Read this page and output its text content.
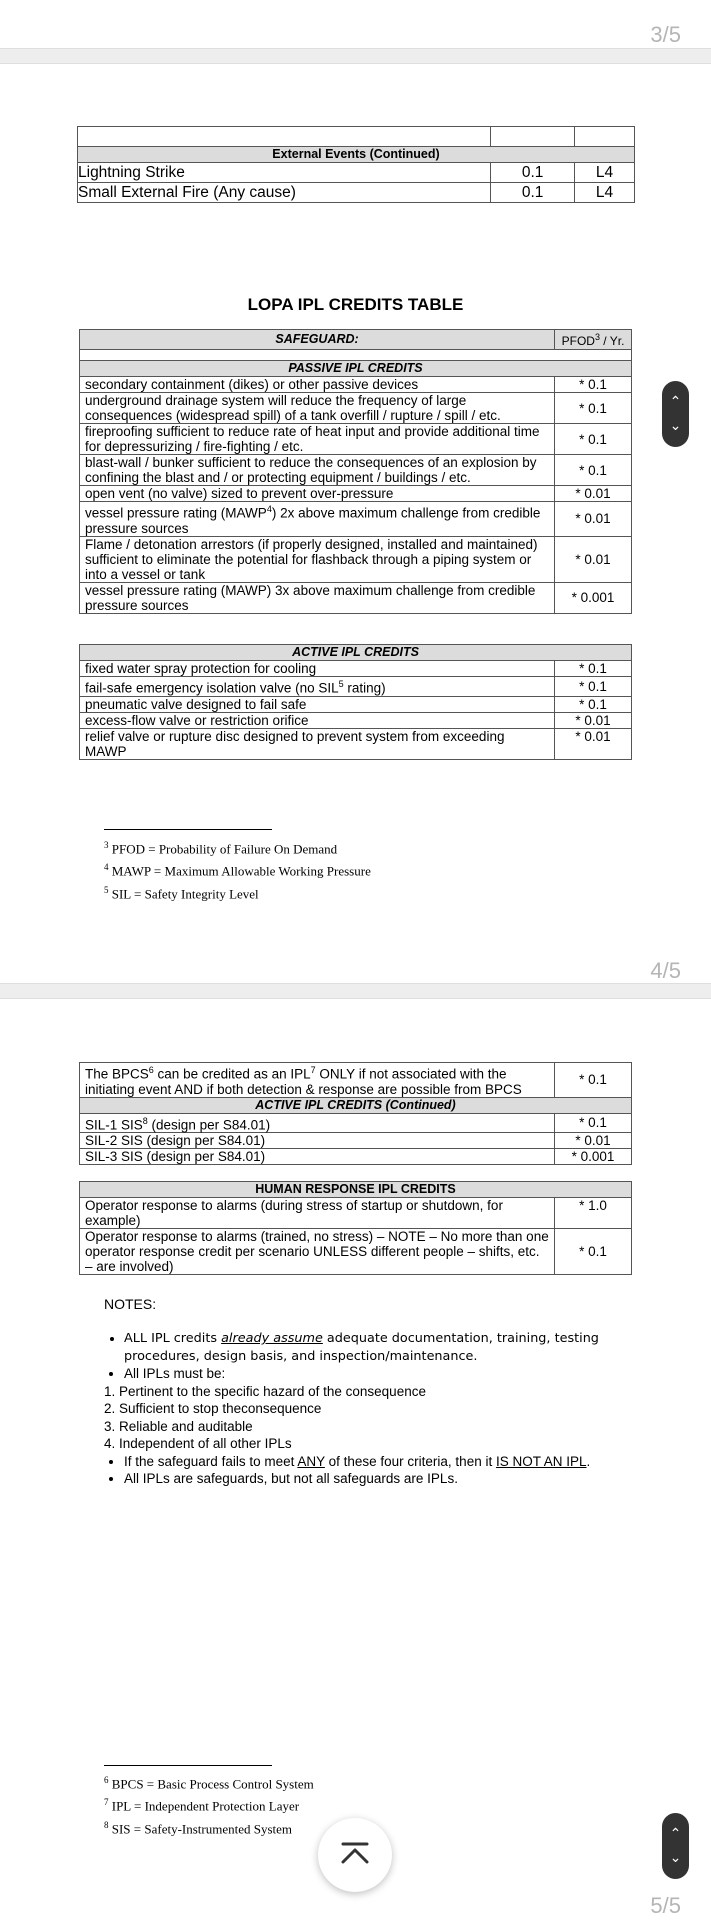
3/5

External Events (Continued)		
Lightning Strike	0.1	L4
Small External Fire (Any cause)	0.1	L4
LOPA IPL CREDITS TABLE
SAFEGUARD:	PFOD$^3$ / Yr.

PASSIVE IPL CREDITS	
secondary containment (dikes) or other passive devices	* 0.1
underground drainage system will reduce the frequency of large consequences (widespread spill) of a tank overfill / rupture / spill / etc.	* 0.1
fireproofing sufficient to reduce rate of heat input and provide additional time for depressurizing / fire-fighting / etc.	* 0.1
blast-wall / bunker sufficient to reduce the consequences of an explosion by confining the blast and / or protecting equipment / buildings / etc.	* 0.1
open vent (no valve) sized to prevent over-pressure	* 0.01
vessel pressure rating (MAWP$^4$) 2x above maximum challenge from credible pressure sources	* 0.01
Flame / detonation arrestors (if properly designed, installed and maintained) sufficient to eliminate the potential for flashback through a piping system or into a vessel or tank	* 0.01
vessel pressure rating (MAWP) 3x above maximum challenge from credible pressure sources	* 0.001
ACTIVE IPL CREDITS	
fixed water spray protection for cooling	* 0.1
fail-safe emergency isolation valve (no SIL$^5$ rating)	* 0.1
pneumatic valve designed to fail safe	* 0.1
excess-flow valve or restriction orifice	* 0.01
relief valve or rupture disc designed to prevent system from exceeding MAWP	* 0.01
$^3$ PFOD = Probability of Failure On Demand
$^4$ MAWP = Maximum Allowable Working Pressure
$^5$ SIL = Safety Integrity Level
4/5
The BPCS$^6$ can be credited as an IPL$^7$ ONLY if not associated with the initiating event AND if both detection & response are possible from BPCS	* 0.1
ACTIVE IPL CREDITS (Continued)	
SIL-1 SIS$^8$ (design per S84.01)	* 0.1
SIL-2 SIS (design per S84.01)	* 0.01
SIL-3 SIS (design per S84.01)	* 0.001
HUMAN RESPONSE IPL CREDITS	
Operator response to alarms (during stress of startup or shutdown, for example)	* 1.0
Operator response to alarms (trained, no stress) – NOTE – No more than one operator response credit per scenario UNLESS different people – shifts, etc. – are involved)	* 0.1
NOTES:
• ALL IPL credits already assume adequate documentation, training, testing procedures, design basis, and inspection/maintenance.
• All IPLs must be:
1. Pertinent to the specific hazard of the consequence
2. Sufficient to stop theconsequence
3. Reliable and auditable
4. Independent of all other IPLs
• If the safeguard fails to meet ANY of these four criteria, then it IS NOT AN IPL.
• All IPLs are safeguards, but not all safeguards are IPLs.
$^6$ BPCS = Basic Process Control System
$^7$ IPL = Independent Protection Layer
$^8$ SIS = Safety-Instrumented System
5/5
⌃
⌄
⌃
⌄
